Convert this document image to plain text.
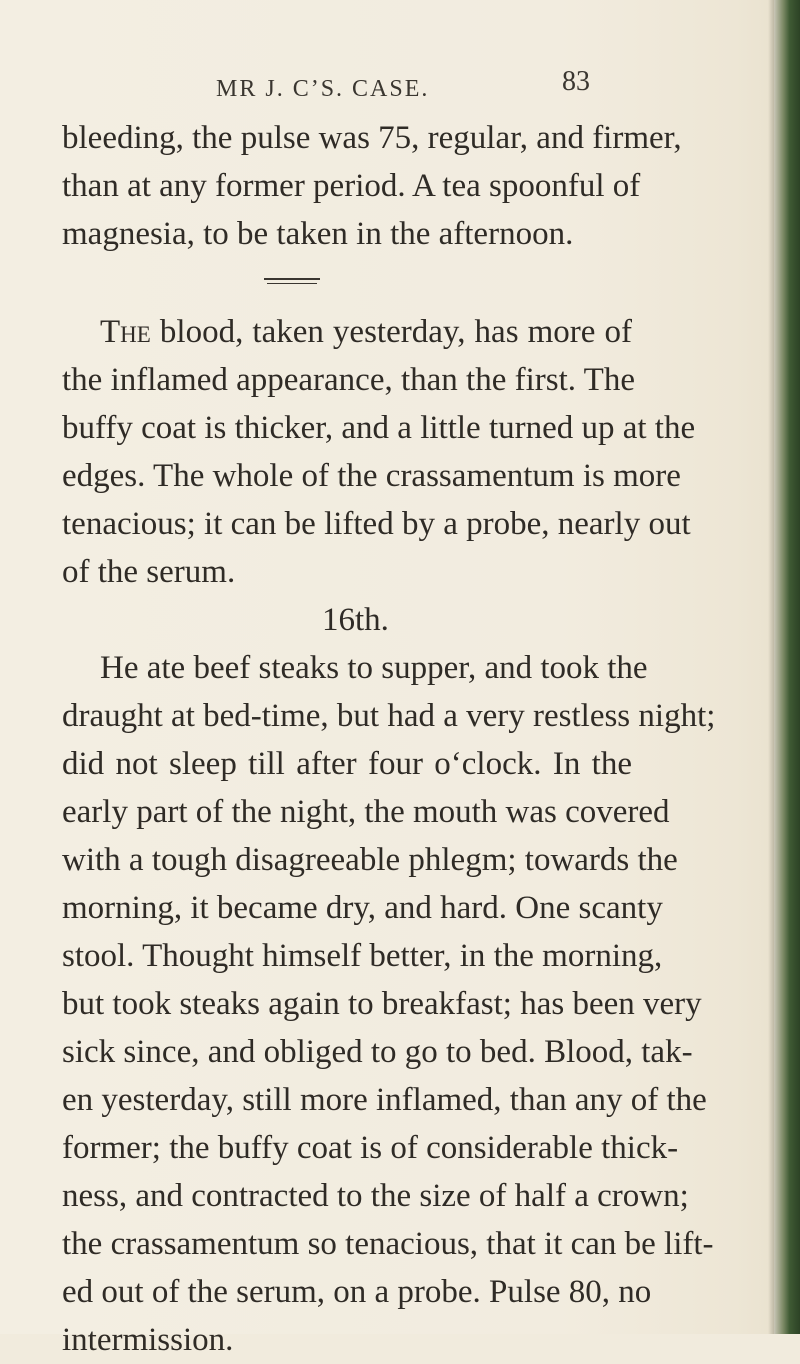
MR J. C’S. CASE.	83
bleeding, the pulse was 75, regular, and firmer,
than at any former period. A tea spoonful of
magnesia, to be taken in the afternoon.
The blood, taken yesterday, has more of
the inflamed appearance, than the first. The
buffy coat is thicker, and a little turned up at the
edges. The whole of the crassamentum is more
tenacious; it can be lifted by a probe, nearly out
of the serum.
16th.
He ate beef steaks to supper, and took the
draught at bed-time, but had a very restless night;
did not sleep till after four o‘clock. In the
early part of the night, the mouth was covered
with a tough disagreeable phlegm; towards the
morning, it became dry, and hard. One scanty
stool. Thought himself better, in the morning,
but took steaks again to breakfast; has been very
sick since, and obliged to go to bed. Blood, tak-
en yesterday, still more inflamed, than any of the
former; the buffy coat is of considerable thick-
ness, and contracted to the size of half a crown;
the crassamentum so tenacious, that it can be lift-
ed out of the serum, on a probe. Pulse 80, no
intermission.
